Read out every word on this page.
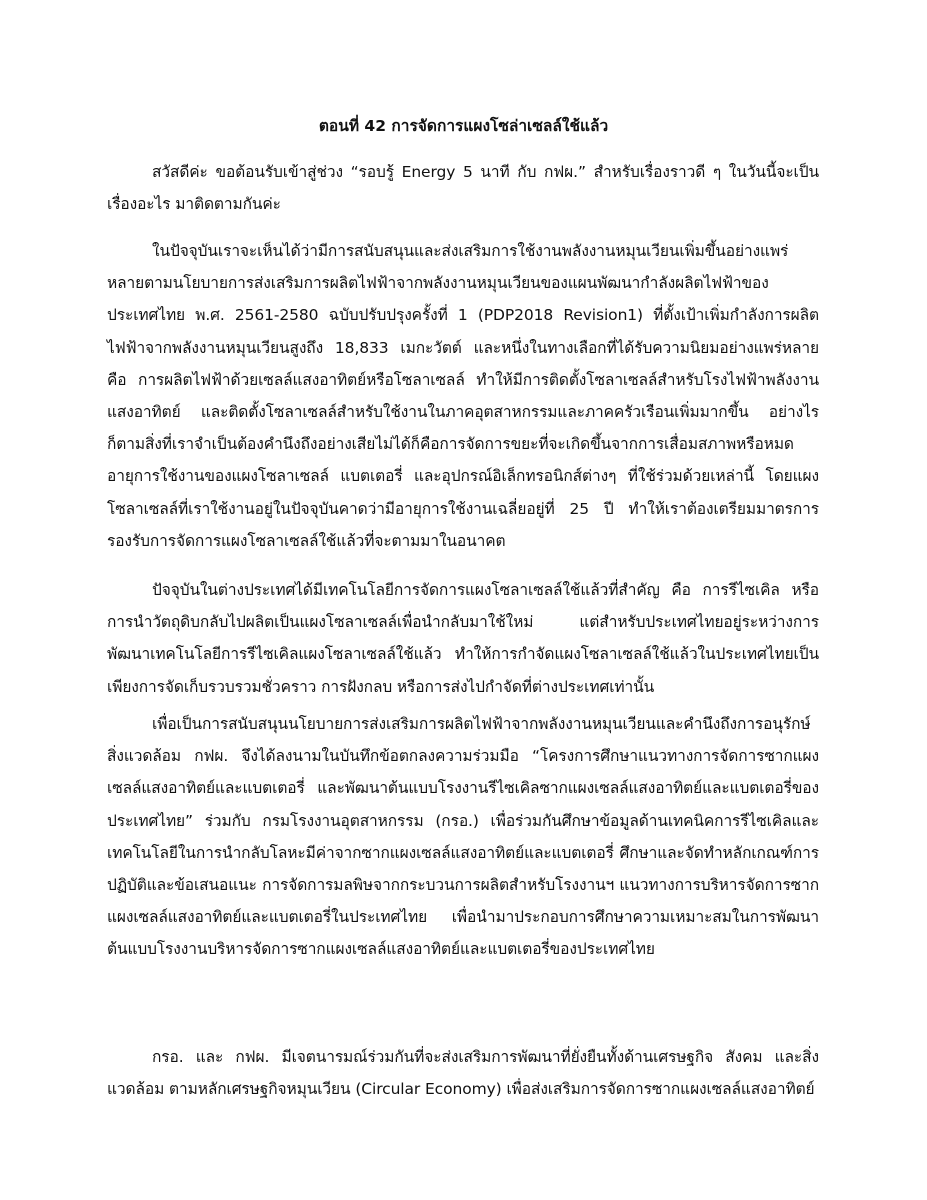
ตอนที่ 42 การจัดการแผงโซล่าเซลล์ใช้แล้ว

สวัสดีค่ะ ขอต้อนรับเข้าสู่ช่วง “รอบรู้ Energy 5 นาที กับ กฟผ.” สำหรับเรื่องราวดี ๆ ในวันนี้จะเป็นเรื่องอะไร มาติดตามกันค่ะ

ในปัจจุบันเราจะเห็นได้ว่ามีการสนับสนุนและส่งเสริมการใช้งานพลังงานหมุนเวียนเพิ่มขึ้นอย่างแพร่หลายตามนโยบายการส่งเสริมการผลิตไฟฟ้าจากพลังงานหมุนเวียนของแผนพัฒนากำลังผลิตไฟฟ้าของประเทศไทย พ.ศ. 2561-2580 ฉบับปรับปรุงครั้งที่ 1 (PDP2018 Revision1) ที่ตั้งเป้าเพิ่มกำลังการผลิตไฟฟ้าจากพลังงานหมุนเวียนสูงถึง 18,833 เมกะวัตต์ และหนึ่งในทางเลือกที่ได้รับความนิยมอย่างแพร่หลาย คือ การผลิตไฟฟ้าด้วยเซลล์แสงอาทิตย์หรือโซลาเซลล์ ทำให้มีการติดตั้งโซลาเซลล์สำหรับโรงไฟฟ้าพลังงานแสงอาทิตย์ และติดตั้งโซลาเซลล์สำหรับใช้งานในภาคอุตสาหกรรมและภาคครัวเรือนเพิ่มมากขึ้น อย่างไรก็ตามสิ่งที่เราจำเป็นต้องคำนึงถึงอย่างเสียไม่ได้ก็คือการจัดการขยะที่จะเกิดขึ้นจากการเสื่อมสภาพหรือหมดอายุการใช้งานของแผงโซลาเซลล์ แบตเตอรี่ และอุปกรณ์อิเล็กทรอนิกส์ต่างๆ ที่ใช้ร่วมด้วยเหล่านี้ โดยแผงโซลาเซลล์ที่เราใช้งานอยู่ในปัจจุบันคาดว่ามีอายุการใช้งานเฉลี่ยอยู่ที่ 25 ปี ทำให้เราต้องเตรียมมาตรการรองรับการจัดการแผงโซลาเซลล์ใช้แล้วที่จะตามมาในอนาคต

ปัจจุบันในต่างประเทศได้มีเทคโนโลยีการจัดการแผงโซลาเซลล์ใช้แล้วที่สำคัญ คือ การรีไซเคิล หรือ การนำวัตถุดิบกลับไปผลิตเป็นแผงโซลาเซลล์เพื่อนำกลับมาใช้ใหม่ แต่สำหรับประเทศไทยอยู่ระหว่างการพัฒนาเทคโนโลยีการรีไซเคิลแผงโซลาเซลล์ใช้แล้ว ทำให้การกำจัดแผงโซลาเซลล์ใช้แล้วในประเทศไทยเป็นเพียงการจัดเก็บรวบรวมชั่วคราว การฝังกลบ หรือการส่งไปกำจัดที่ต่างประเทศเท่านั้น

เพื่อเป็นการสนับสนุนนโยบายการส่งเสริมการผลิตไฟฟ้าจากพลังงานหมุนเวียนและคำนึงถึงการอนุรักษ์สิ่งแวดล้อม กฟผ. จึงได้ลงนามในบันทึกข้อตกลงความร่วมมือ “โครงการศึกษาแนวทางการจัดการซากแผงเซลล์แสงอาทิตย์และแบตเตอรี่ และพัฒนาต้นแบบโรงงานรีไซเคิลซากแผงเซลล์แสงอาทิตย์และแบตเตอรี่ของประเทศไทย” ร่วมกับ กรมโรงงานอุตสาหกรรม (กรอ.) เพื่อร่วมกันศึกษาข้อมูลด้านเทคนิคการรีไซเคิลและเทคโนโลยีในการนำกลับโลหะมีค่าจากซากแผงเซลล์แสงอาทิตย์และแบตเตอรี่ ศึกษาและจัดทำหลักเกณฑ์การปฏิบัติและข้อเสนอแนะ การจัดการมลพิษจากกระบวนการผลิตสำหรับโรงงานฯ แนวทางการบริหารจัดการซากแผงเซลล์แสงอาทิตย์และแบตเตอรี่ในประเทศไทย เพื่อนำมาประกอบการศึกษาความเหมาะสมในการพัฒนาต้นแบบโรงงานบริหารจัดการซากแผงเซลล์แสงอาทิตย์และแบตเตอรี่ของประเทศไทย

กรอ. และ กฟผ. มีเจตนารมณ์ร่วมกันที่จะส่งเสริมการพัฒนาที่ยั่งยืนทั้งด้านเศรษฐกิจ สังคม และสิ่งแวดล้อม ตามหลักเศรษฐกิจหมุนเวียน (Circular Economy) เพื่อส่งเสริมการจัดการซากแผงเซลล์แสงอาทิตย์
